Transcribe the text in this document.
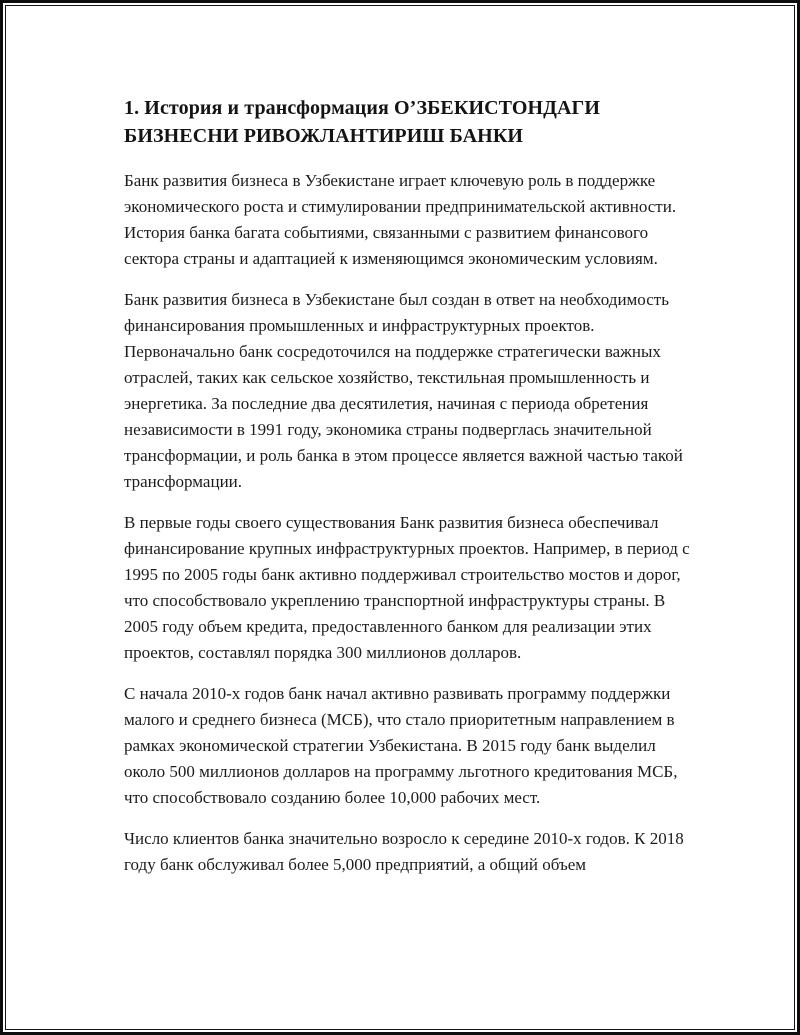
1. История и трансформация О’ЗБЕКИСТОНДАГИ БИЗНЕСНИ РИВОЖЛАНТИРИШ БАНКИ

Банк развития бизнеса в Узбекистане играет ключевую роль в поддержке экономического роста и стимулировании предпринимательской активности. История банка багата событиями, связанными с развитием финансового сектора страны и адаптацией к изменяющимся экономическим условиям.

Банк развития бизнеса в Узбекистане был создан в ответ на необходимость финансирования промышленных и инфраструктурных проектов. Первоначально банк сосредоточился на поддержке стратегически важных отраслей, таких как сельское хозяйство, текстильная промышленность и энергетика. За последние два десятилетия, начиная с периода обретения независимости в 1991 году, экономика страны подверглась значительной трансформации, и роль банка в этом процессе является важной частью такой трансформации.

В первые годы своего существования Банк развития бизнеса обеспечивал финансирование крупных инфраструктурных проектов. Например, в период с 1995 по 2005 годы банк активно поддерживал строительство мостов и дорог, что способствовало укреплению транспортной инфраструктуры страны. В 2005 году объем кредита, предоставленного банком для реализации этих проектов, составлял порядка 300 миллионов долларов.

С начала 2010-х годов банк начал активно развивать программу поддержки малого и среднего бизнеса (МСБ), что стало приоритетным направлением в рамках экономической стратегии Узбекистана. В 2015 году банк выделил около 500 миллионов долларов на программу льготного кредитования МСБ, что способствовало созданию более 10,000 рабочих мест.

Число клиентов банка значительно возросло к середине 2010-х годов. К 2018 году банк обслуживал более 5,000 предприятий, а общий объем
